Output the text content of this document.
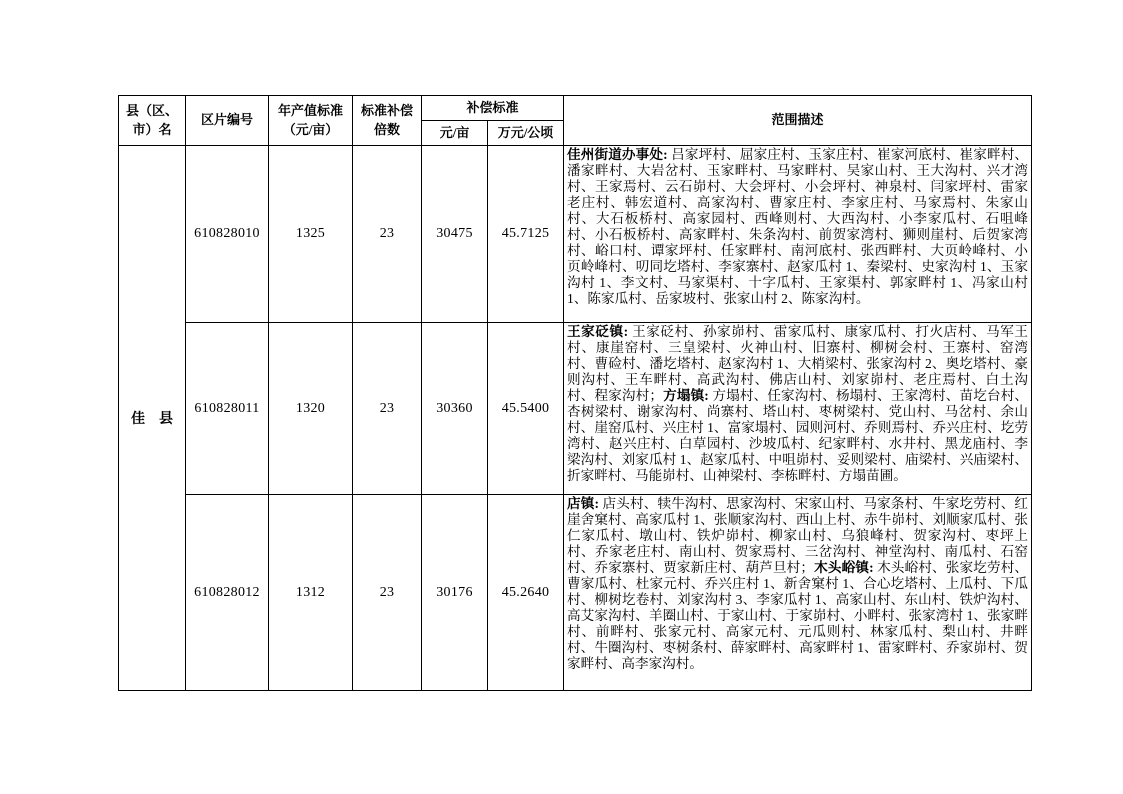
县（区、市）名	区片编号	年产值标准（元/亩）	标准补偿倍数	补偿标准		范围描述
				元/亩	万元/公顷	
佳　县	610828010	1325	23	30475	45.7125	佳州街道办事处: 吕家坪村、屈家庄村、玉家庄村、崔家河底村、崔家畔村、潘家畔村、大岩岔村、玉家畔村、马家畔村、吴家山村、王大沟村、兴才湾村、王家焉村、云石峁村、大会坪村、小会坪村、神泉村、闫家坪村、雷家老庄村、韩宏道村、高家沟村、曹家庄村、李家庄村、马家焉村、朱家山村、大石板桥村、高家园村、西峰则村、大西沟村、小李家瓜村、石咀峰村、小石板桥村、高家畔村、朱条沟村、前贺家湾村、狮则崖村、后贺家湾村、峪口村、谭家坪村、任家畔村、南河底村、张西畔村、大页岭峰村、小页岭峰村、叨同圪塔村、李家寨村、赵家瓜村 1、秦梁村、史家沟村 1、玉家沟村 1、李文村、马家渠村、十字瓜村、王家渠村、郭家畔村 1、冯家山村 1、陈家瓜村、岳家坡村、张家山村 2、陈家沟村。
	610828011	1320	23	30360	45.5400	王家砭镇: 王家砭村、孙家峁村、雷家瓜村、康家瓜村、打火店村、马军王村、康崖窑村、三皇梁村、火神山村、旧寨村、柳树会村、王寨村、窑湾村、曹硷村、潘圪塔村、赵家沟村 1、大梢梁村、张家沟村 2、奥圪塔村、豪则沟村、王车畔村、高武沟村、佛店山村、刘家峁村、老庄焉村、白土沟村、程家沟村；方塌镇: 方塌村、任家沟村、杨塌村、王家湾村、苗圪台村、杏树梁村、谢家沟村、尚寨村、塔山村、枣树梁村、党山村、马岔村、余山村、崖窑瓜村、兴庄村 1、富家塌村、园则河村、乔则焉村、乔兴庄村、圪劳湾村、赵兴庄村、白草园村、沙坡瓜村、纪家畔村、水井村、黑龙庙村、李梁沟村、刘家瓜村 1、赵家瓜村、中咀峁村、妥则梁村、庙梁村、兴庙梁村、折家畔村、马能峁村、山神梁村、李栋畔村、方塌苗圃。
	610828012	1312	23	30176	45.2640	店镇: 店头村、犊牛沟村、思家沟村、宋家山村、马家条村、牛家圪劳村、红崖舍窠村、高家瓜村 1、张顺家沟村、西山上村、赤牛峁村、刘顺家瓜村、张仁家瓜村、墩山村、铁炉峁村、柳家山村、乌狼峰村、贺家沟村、枣坪上村、乔家老庄村、南山村、贺家焉村、三岔沟村、神堂沟村、南瓜村、石窑村、乔家寨村、贾家新庄村、葫芦旦村；木头峪镇: 木头峪村、张家圪劳村、曹家瓜村、杜家元村、乔兴庄村 1、新舍窠村 1、合心圪塔村、上瓜村、下瓜村、柳树圪卷村、刘家沟村 3、李家瓜村 1、高家山村、东山村、铁炉沟村、高艾家沟村、羊圈山村、于家山村、于家峁村、小畔村、张家湾村 1、张家畔村、前畔村、张家元村、高家元村、元瓜则村、林家瓜村、梨山村、井畔村、牛圈沟村、枣树条村、薛家畔村、高家畔村 1、雷家畔村、乔家峁村、贺家畔村、高李家沟村。
